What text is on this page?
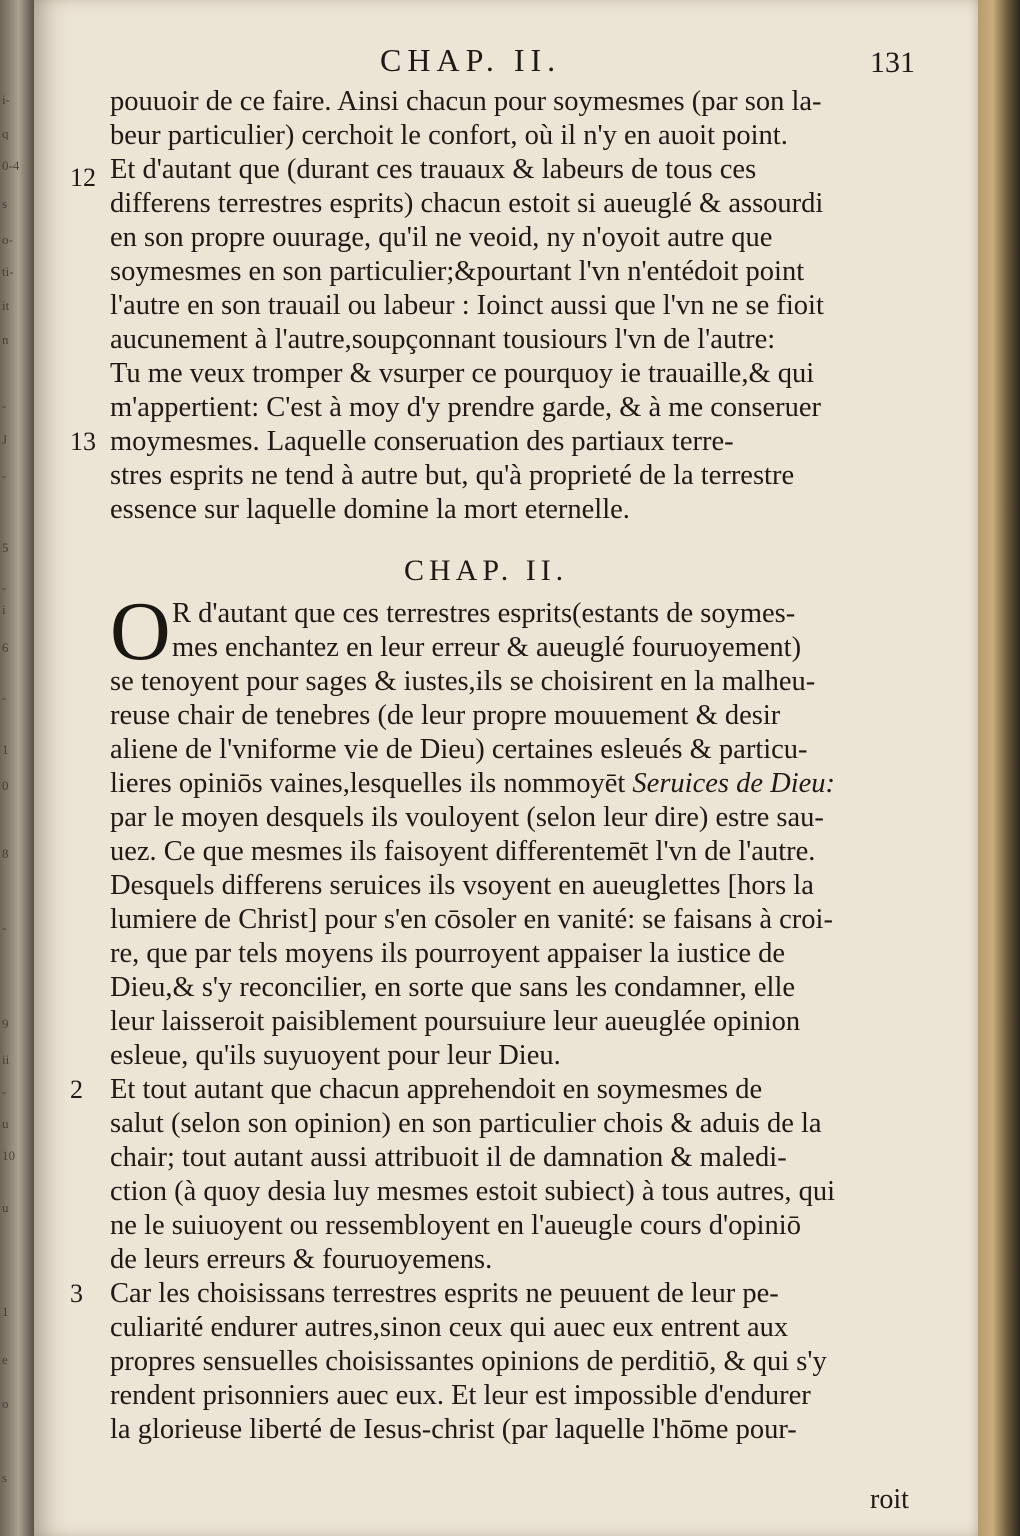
i-
q
0-4
s
o-
ti-
it
n
-
J
-
5
-
i
6
-
1
0
8
-
9
ii
-
u
10
u
1
e
o
s
12
13
pouuoir de ce faire. Ainsi chacun pour soymesmes (par son la-
beur particulier) cerchoit le confort, où il n'y en auoit point.
Et d'autant que (durant ces trauaux & labeurs de tous ces
differens terrestres esprits) chacun estoit si aueuglé & assourdi
en son propre ouurage, qu'il ne veoid, ny n'oyoit autre que
soymesmes en son particulier;&pourtant l'vn n'entédoit point
l'autre en son trauail ou labeur : Ioinct aussi que l'vn ne se fioit
aucunement à l'autre,soupçonnant tousiours l'vn de l'autre:
Tu me veux tromper & vsurper ce pourquoy ie trauaille,& qui
m'appertient: C'est à moy d'y prendre garde, & à me conseruer
moymesmes. Laquelle conseruation des partiaux terre-
stres esprits ne tend à autre but, qu'à proprieté de la terrestre
essence sur laquelle domine la mort eternelle.
CHAP. II.
O R d'autant que ces terrestres esprits(estants de soymes-
mes enchantez en leur erreur & aueuglé fouruoyement)
se tenoyent pour sages & iustes,ils se choisirent en la malheu-
reuse chair de tenebres (de leur propre mouuement & desir
aliene de l'vniforme vie de Dieu) certaines esleués & particu-
lieres opiniōs vaines,lesquelles ils nommoyēt Seruices de Dieu:
par le moyen desquels ils vouloyent (selon leur dire) estre sau-
uez. Ce que mesmes ils faisoyent differentemēt l'vn de l'autre.
Desquels differens seruices ils vsoyent en aueuglettes [hors la
lumiere de Christ] pour s'en cōsoler en vanité: se faisans à croi-
re, que par tels moyens ils pourroyent appaiser la iustice de
Dieu,& s'y reconcilier, en sorte que sans les condamner, elle
leur laisseroit paisiblement poursuiure leur aueuglée opinion
esleue, qu'ils suyuoyent pour leur Dieu.
2 Et tout autant que chacun apprehendoit en soymesmes de
salut (selon son opinion) en son particulier chois & aduis de la
chair; tout autant aussi attribuoit il de damnation & maledi-
ction (à quoy desia luy mesmes estoit subiect) à tous autres, qui
ne le suiuoyent ou ressembloyent en l'aueugle cours d'opiniō
de leurs erreurs & fouruoyemens.
3 Car les choisissans terrestres esprits ne peuuent de leur pe-
culiarité endurer autres,sinon ceux qui auec eux entrent aux
propres sensuelles choisissantes opinions de perditiō, & qui s'y
rendent prisonniers auec eux. Et leur est impossible d'endurer
la glorieuse liberté de Iesus-christ (par laquelle l'hōme pour-
roit
CHAP. II.	131
